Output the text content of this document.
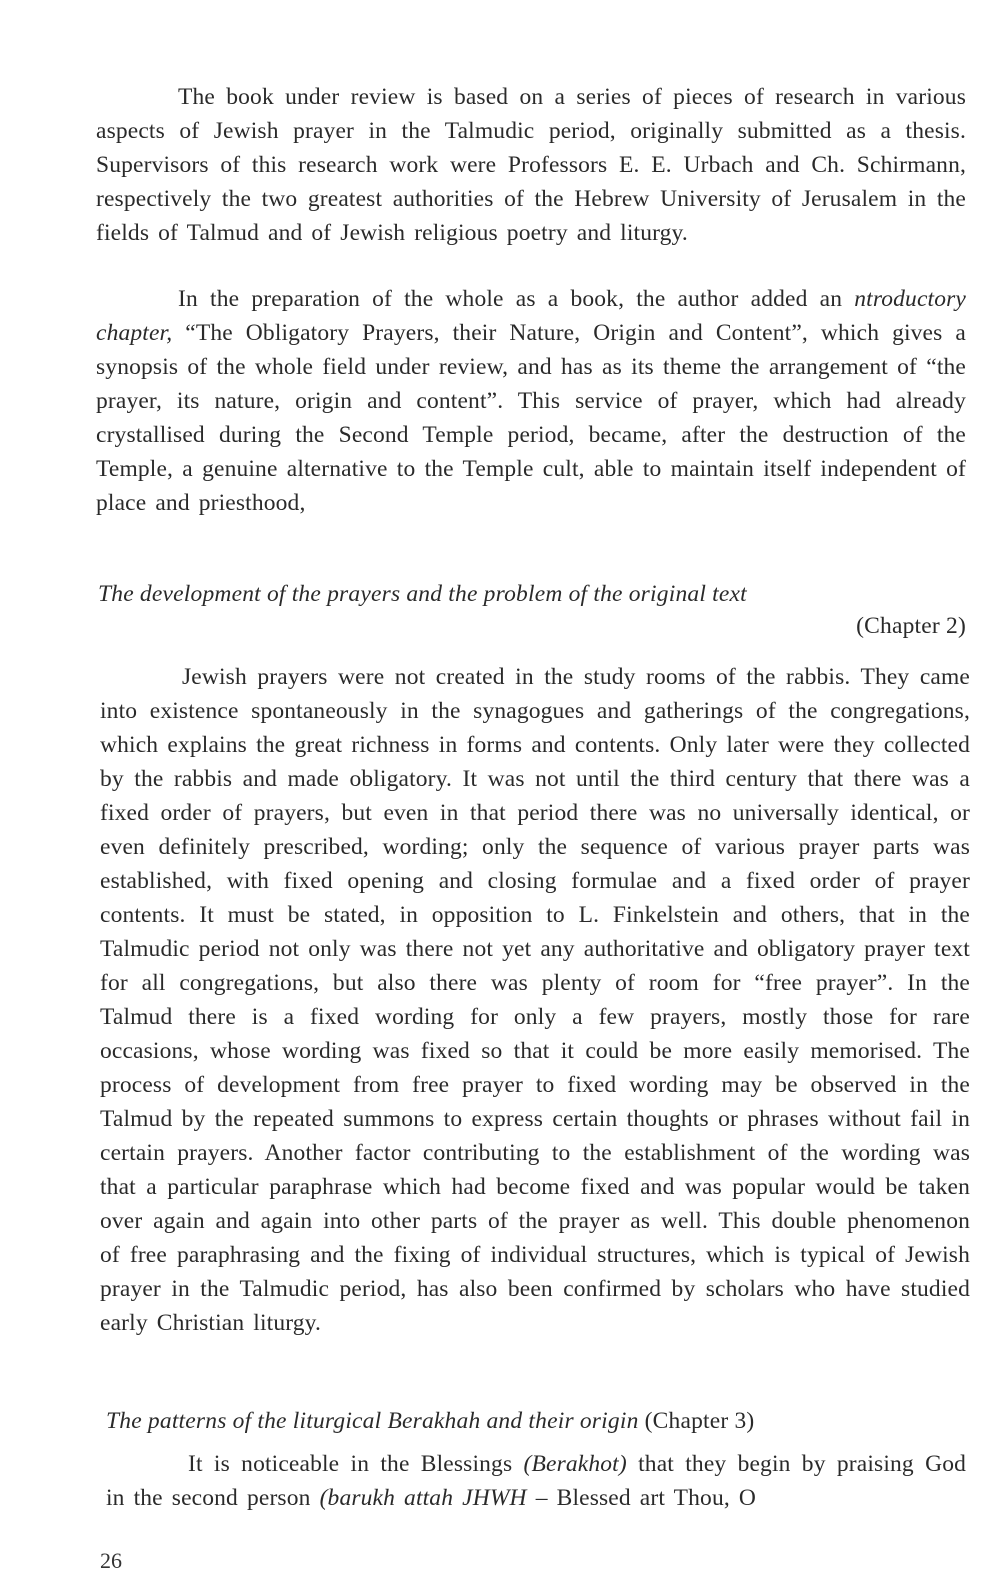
The book under review is based on a series of pieces of research in various aspects of Jewish prayer in the Talmudic period, originally submitted as a thesis. Supervisors of this research work were Professors E. E. Urbach and Ch. Schirmann, respectively the two greatest authorities of the Hebrew University of Jerusalem in the fields of Talmud and of Jewish religious poetry and liturgy.

In the preparation of the whole as a book, the author added an ntroductory chapter, “The Obligatory Prayers, their Nature, Origin and Content”, which gives a synopsis of the whole field under review, and has as its theme the arrangement of “the prayer, its nature, origin and content”. This service of prayer, which had already crystallised during the Second Temple period, became, after the destruction of the Temple, a genuine alternative to the Temple cult, able to maintain itself independent of place and priesthood,

The development of the prayers and the problem of the original text
(Chapter 2)

Jewish prayers were not created in the study rooms of the rabbis. They came into existence spontaneously in the synagogues and gatherings of the congregations, which explains the great richness in forms and contents. Only later were they collected by the rabbis and made obligatory. It was not until the third century that there was a fixed order of prayers, but even in that period there was no universally identical, or even definitely prescribed, wording; only the sequence of various prayer parts was established, with fixed opening and closing formulae and a fixed order of prayer contents. It must be stated, in opposition to L. Finkelstein and others, that in the Talmudic period not only was there not yet any authoritative and obligatory prayer text for all congregations, but also there was plenty of room for “free prayer”. In the Talmud there is a fixed wording for only a few prayers, mostly those for rare occasions, whose wording was fixed so that it could be more easily memorised. The process of development from free prayer to fixed wording may be observed in the Talmud by the repeated summons to express certain thoughts or phrases without fail in certain prayers. Another factor contributing to the establishment of the wording was that a particular paraphrase which had become fixed and was popular would be taken over again and again into other parts of the prayer as well. This double phenomenon of free paraphrasing and the fixing of individual structures, which is typical of Jewish prayer in the Talmudic period, has also been confirmed by scholars who have studied early Christian liturgy.

The patterns of the liturgical Berakhah and their origin (Chapter 3)

It is noticeable in the Blessings (Berakhot) that they begin by praising God in the second person (barukh attah JHWH – Blessed art Thou, O

26
